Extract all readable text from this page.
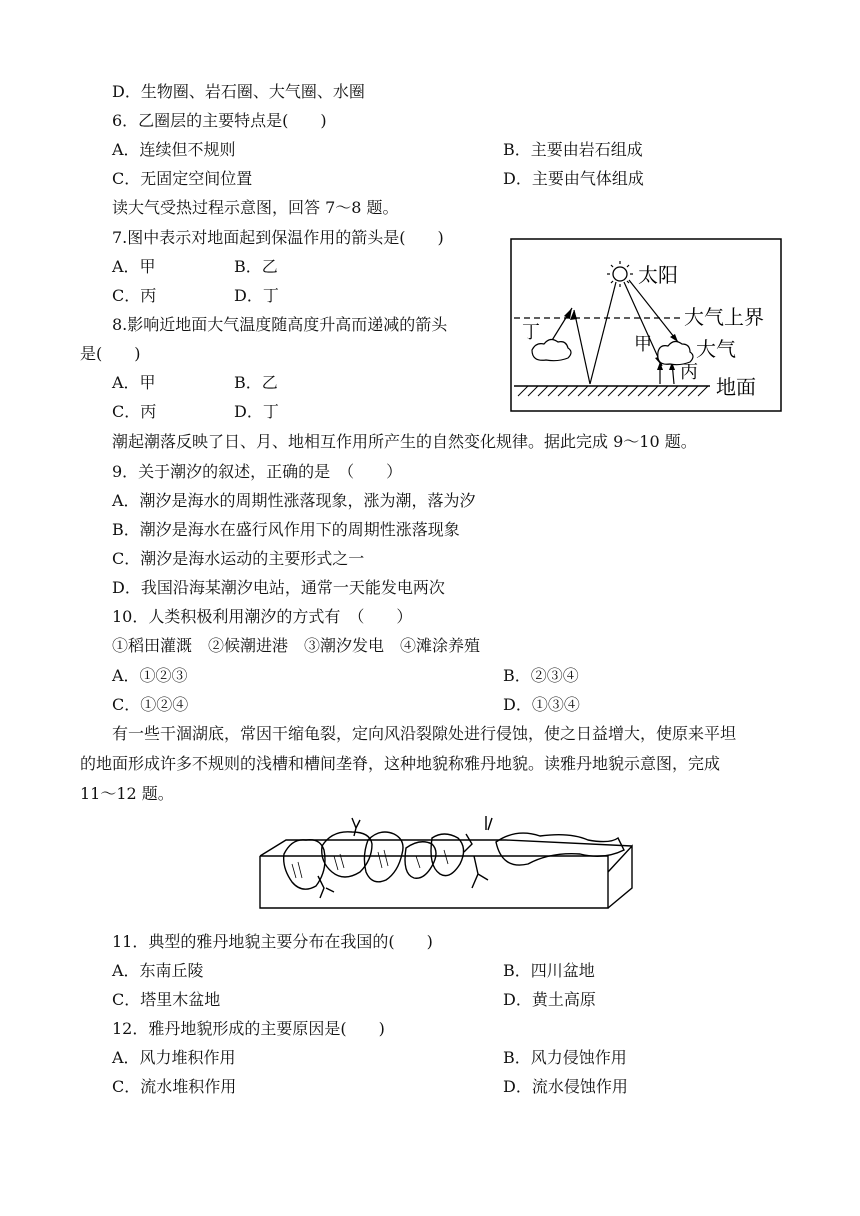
D．生物圈、岩石圈、大气圈、水圈
6．乙圈层的主要特点是(　　)
A．连续但不规则	B．主要由岩石组成
C．无固定空间位置	D．主要由气体组成
读大气受热过程示意图，回答 7～8 题。
7.图中表示对地面起到保温作用的箭头是(　　)
A．甲	B．乙
C．丙	D．丁
8.影响近地面大气温度随高度升高而递减的箭头
是(　　)
A．甲	B．乙
C．丙	D．丁
太阳
大气上界
丁
甲 大气
丙
地面
潮起潮落反映了日、月、地相互作用所产生的自然变化规律。据此完成 9～10 题。
9．关于潮汐的叙述，正确的是　（　　）
A．潮汐是海水的周期性涨落现象，涨为潮，落为汐
B．潮汐是海水在盛行风作用下的周期性涨落现象
C．潮汐是海水运动的主要形式之一
D．我国沿海某潮汐电站，通常一天能发电两次
10．人类积极利用潮汐的方式有　（　　）
①稻田灌溉　②候潮进港　③潮汐发电　④滩涂养殖
A．①②③	B．②③④
C．①②④	D．①③④
有一些干涸湖底，常因干缩龟裂，定向风沿裂隙处进行侵蚀，使之日益增大，使原来平坦
的地面形成许多不规则的浅槽和槽间垄脊，这种地貌称雅丹地貌。读雅丹地貌示意图，完成
11～12 题。
11．典型的雅丹地貌主要分布在我国的(　　)
A．东南丘陵	B．四川盆地
C．塔里木盆地	D．黄土高原
12．雅丹地貌形成的主要原因是(　　)
A．风力堆积作用	B．风力侵蚀作用
C．流水堆积作用	D．流水侵蚀作用
